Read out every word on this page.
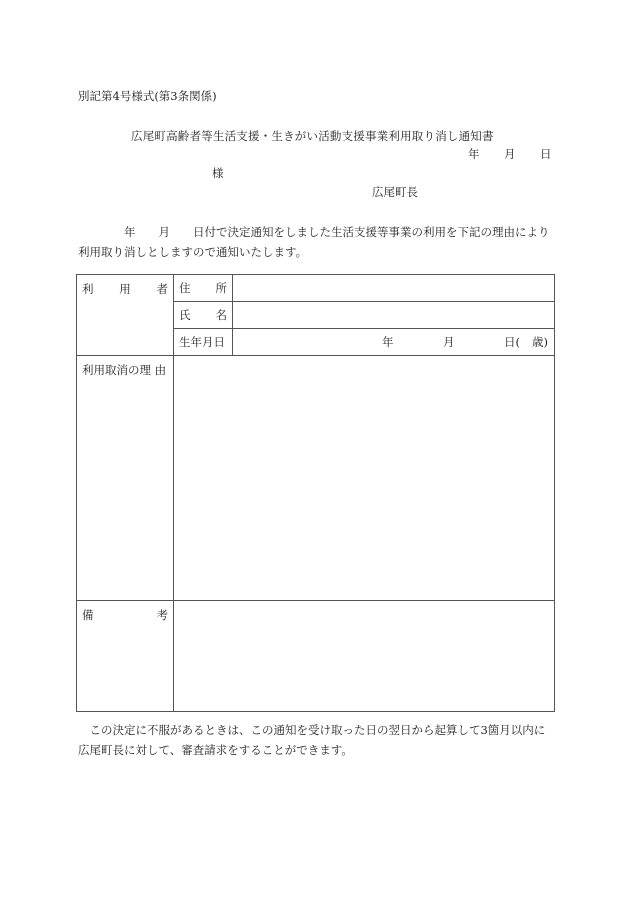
別記第4号様式(第3条関係)
広尾町高齢者等生活支援・生きがい活動支援事業利用取り消し通知書
年 月 日
様
広尾町長
　　　　年　　月　　日付で決定通知をしました生活支援等事業の利用を下記の理由により利用取り消しとしますので通知いたします。
利 用 者	住 所	

	氏 名	

	生年月日	年 月 日( 歳)

利用取消の理 由		

備 考		

　この決定に不服があるときは、この通知を受け取った日の翌日から起算して3箇月以内に広尾町長に対して、審査請求をすることができます。
